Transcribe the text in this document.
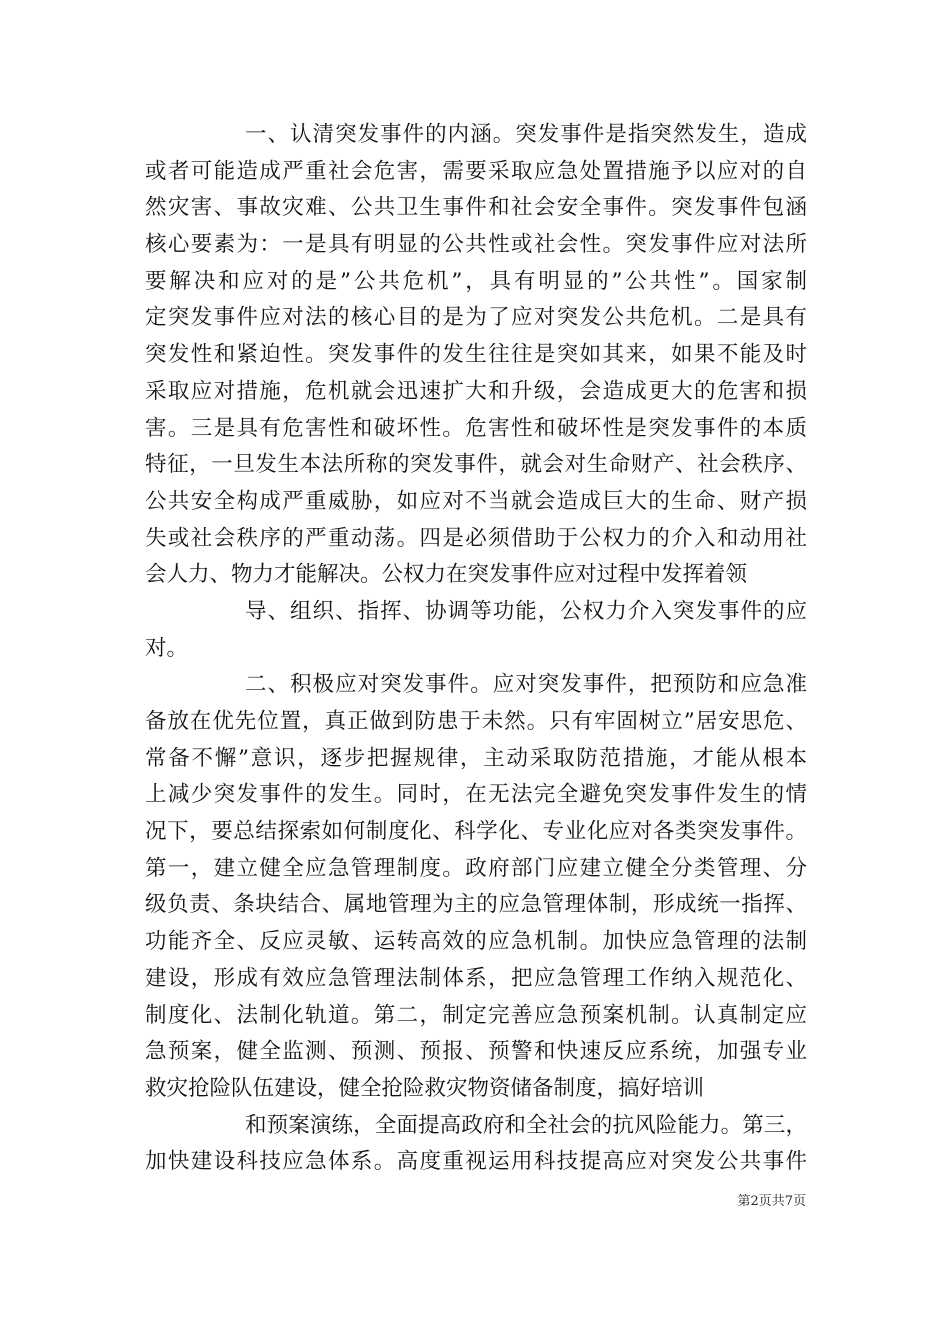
一、认清突发事件的内涵。突发事件是指突然发生，造成
或者可能造成严重社会危害，需要采取应急处置措施予以应对的自
然灾害、事故灾难、公共卫生事件和社会安全事件。突发事件包涵
核心要素为：一是具有明显的公共性或社会性。突发事件应对法所
要解决和应对的是”公共危机”，具有明显的”公共性”。国家制
定突发事件应对法的核心目的是为了应对突发公共危机。二是具有
突发性和紧迫性。突发事件的发生往往是突如其来，如果不能及时
采取应对措施，危机就会迅速扩大和升级，会造成更大的危害和损
害。三是具有危害性和破坏性。危害性和破坏性是突发事件的本质
特征，一旦发生本法所称的突发事件，就会对生命财产、社会秩序、
公共安全构成严重威胁，如应对不当就会造成巨大的生命、财产损
失或社会秩序的严重动荡。四是必须借助于公权力的介入和动用社
会人力、物力才能解决。公权力在突发事件应对过程中发挥着领
导、组织、指挥、协调等功能，公权力介入突发事件的应
对。
二、积极应对突发事件。应对突发事件，把预防和应急准
备放在优先位置，真正做到防患于未然。只有牢固树立”居安思危、
常备不懈”意识，逐步把握规律，主动采取防范措施，才能从根本
上减少突发事件的发生。同时，在无法完全避免突发事件发生的情
况下，要总结探索如何制度化、科学化、专业化应对各类突发事件。
第一，建立健全应急管理制度。政府部门应建立健全分类管理、分
级负责、条块结合、属地管理为主的应急管理体制，形成统一指挥、
功能齐全、反应灵敏、运转高效的应急机制。加快应急管理的法制
建设，形成有效应急管理法制体系，把应急管理工作纳入规范化、
制度化、法制化轨道。第二，制定完善应急预案机制。认真制定应
急预案，健全监测、预测、预报、预警和快速反应系统，加强专业
救灾抢险队伍建设，健全抢险救灾物资储备制度，搞好培训
和预案演练，全面提高政府和全社会的抗风险能力。第三，
加快建设科技应急体系。高度重视运用科技提高应对突发公共事件
第2页共7页
